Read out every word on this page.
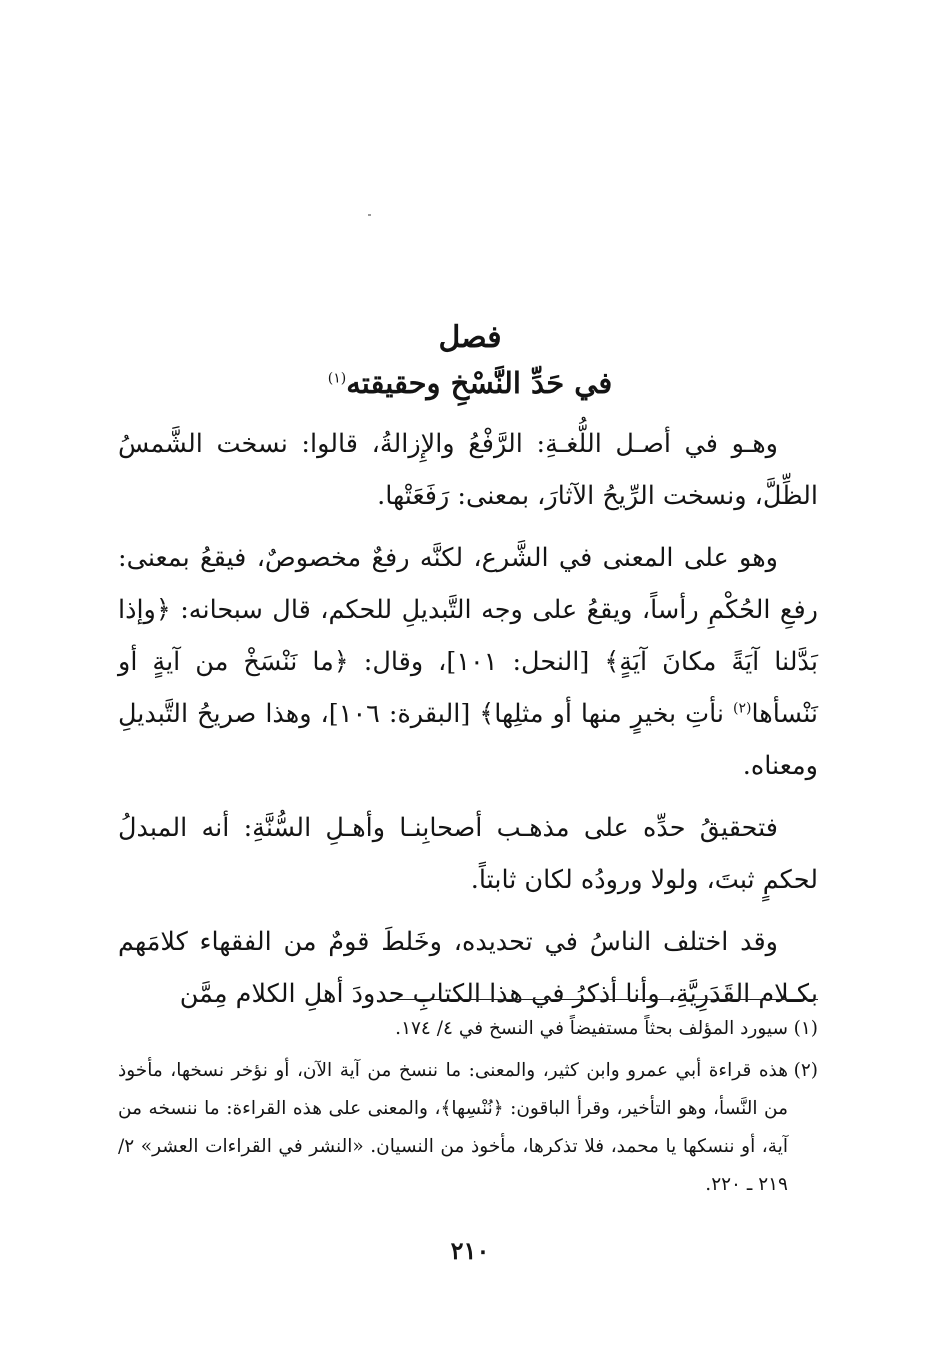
فصل
في حَدِّ النَّسْخِ وحقيقته$^{(١)}$

وهـو في أصـل اللُّغـةِ: الرَّفْعُ والإِزالةُ، قالوا: نسخت الشَّمسُ الظِّلَّ، ونسخت الرِّيحُ الآثارَ، بمعنى: رَفَعَتْها.

وهو على المعنى في الشَّرع، لكنَّه رفعٌ مخصوصٌ، فيقعُ بمعنى: رفعِ الحُكْمِ رأساً، ويقعُ على وجه التَّبديلِ للحكم، قال سبحانه: ﴿وإذا بَدَّلنا آيَةً مكانَ آيَةٍ﴾ [النحل: ١٠١]، وقال: ﴿ما نَنْسَخْ من آيةٍ أو نَنْسأها$^{(٢)}$ نأتِ بخيرٍ منها أو مثلِها﴾ [البقرة: ١٠٦]، وهذا صريحُ التَّبديلِ ومعناه.

فتحقيقُ حدِّه على مذهـب أصحابِنـا وأهـلِ السُّنَّةِ: أنه المبدلُ لحكمٍ ثبتَ، ولولا ورودُه لكان ثابتاً.

وقد اختلف الناسُ في تحديده، وخَلطَ قومٌ من الفقهاء كلامَهم بكـلام القَدَرِيَّةِ، وأنا أذكرُ في هذا الكتابِ حدودَ أهلِ الكلام مِمَّن

(١)سيورد المؤلف بحثاً مستفيضاً في النسخ في ٤/ ١٧٤.
(٢)هذه قراءة أبي عمرو وابن كثير، والمعنى: ما ننسخ من آية الآن، أو نؤخر نسخها، مأخوذ من النَّسأ، وهو التأخير، وقرأ الباقون: ﴿نُنْسِها﴾، والمعنى على هذه القراءة: ما ننسخه من آية، أو ننسكها يا محمد، فلا تذكرها، مأخوذ من النسيان. «النشر في القراءات العشر» ٢/ ٢١٩ ـ ٢٢٠.
٢١٠
